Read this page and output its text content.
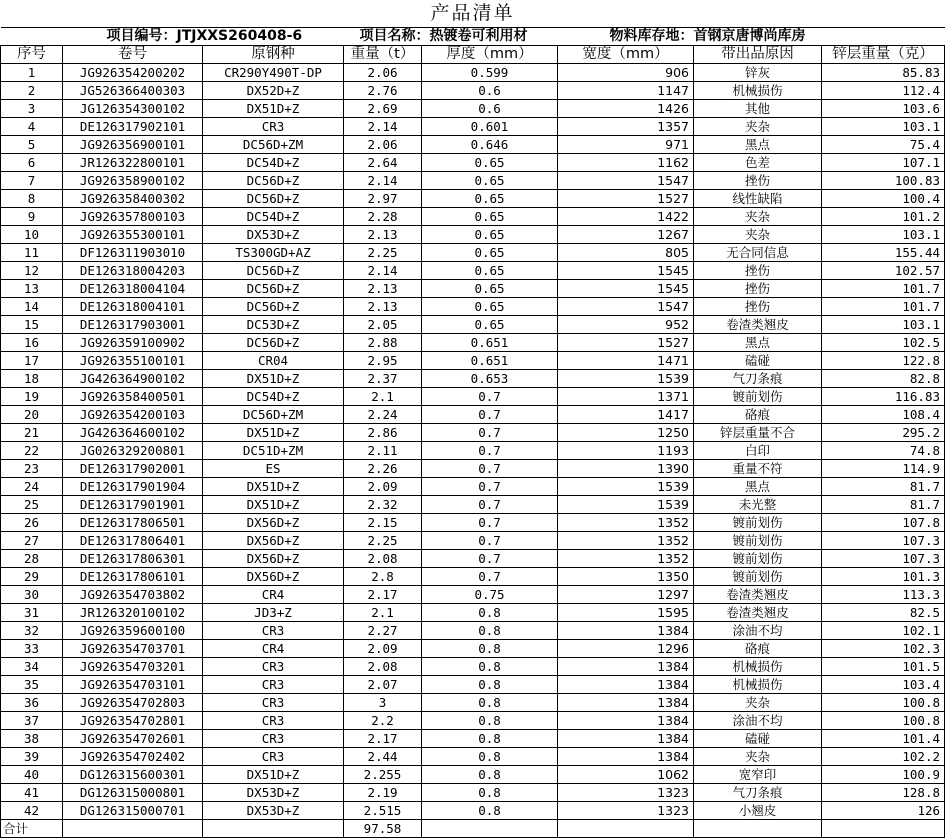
产品清单							

项目编号：JTJXXS260408-6 项目名称：热镀卷可利用材 物料库存地：首钢京唐博尚库房							

序号	卷号	原钢种	重量（t）	厚度（mm）	宽度（mm）	带出品原因	锌层重量（克）
1	JG926354200202	CR290Y490T-DP	2.06	0.599	906	锌灰	85.83
2	JG526366400303	DX52D+Z	2.76	0.6	1147	机械损伤	112.4
3	JG126354300102	DX51D+Z	2.69	0.6	1426	其他	103.6
4	DE126317902101	CR3	2.14	0.601	1357	夹杂	103.1
5	JG926356900101	DC56D+ZM	2.06	0.646	971	黑点	75.4
6	JR126322800101	DC54D+Z	2.64	0.65	1162	色差	107.1
7	JG926358900102	DC56D+Z	2.14	0.65	1547	挫伤	100.83
8	JG926358400302	DC56D+Z	2.97	0.65	1527	线性缺陷	100.4
9	JG926357800103	DC54D+Z	2.28	0.65	1422	夹杂	101.2
10	JG926355300101	DX53D+Z	2.13	0.65	1267	夹杂	103.1
11	DF126311903010	TS300GD+AZ	2.25	0.65	805	无合同信息	155.44
12	DE126318004203	DC56D+Z	2.14	0.65	1545	挫伤	102.57
13	DE126318004104	DC56D+Z	2.13	0.65	1545	挫伤	101.7
14	DE126318004101	DC56D+Z	2.13	0.65	1547	挫伤	101.7
15	DE126317903001	DC53D+Z	2.05	0.65	952	卷渣类翘皮	103.1
16	JG926359100902	DC56D+Z	2.88	0.651	1527	黑点	102.5
17	JG926355100101	CR04	2.95	0.651	1471	磕碰	122.8
18	JG426364900102	DX51D+Z	2.37	0.653	1539	气刀条痕	82.8
19	JG926358400501	DC54D+Z	2.1	0.7	1371	镀前划伤	116.83
20	JG926354200103	DC56D+ZM	2.24	0.7	1417	硌痕	108.4
21	JG426364600102	DX51D+Z	2.86	0.7	1250	锌层重量不合	295.2
22	JG026329200801	DC51D+ZM	2.11	0.7	1193	白印	74.8
23	DE126317902001	ES	2.26	0.7	1390	重量不符	114.9
24	DE126317901904	DX51D+Z	2.09	0.7	1539	黑点	81.7
25	DE126317901901	DX51D+Z	2.32	0.7	1539	未光整	81.7
26	DE126317806501	DX56D+Z	2.15	0.7	1352	镀前划伤	107.8
27	DE126317806401	DX56D+Z	2.25	0.7	1352	镀前划伤	107.3
28	DE126317806301	DX56D+Z	2.08	0.7	1352	镀前划伤	107.3
29	DE126317806101	DX56D+Z	2.8	0.7	1350	镀前划伤	101.3
30	JG926354703802	CR4	2.17	0.75	1297	卷渣类翘皮	113.3
31	JR126320100102	JD3+Z	2.1	0.8	1595	卷渣类翘皮	82.5
32	JG926359600100	CR3	2.27	0.8	1384	涂油不均	102.1
33	JG926354703701	CR4	2.09	0.8	1296	硌痕	102.3
34	JG926354703201	CR3	2.08	0.8	1384	机械损伤	101.5
35	JG926354703101	CR3	2.07	0.8	1384	机械损伤	103.4
36	JG926354702803	CR3	3	0.8	1384	夹杂	100.8
37	JG926354702801	CR3	2.2	0.8	1384	涂油不均	100.8
38	JG926354702601	CR3	2.17	0.8	1384	磕碰	101.4
39	JG926354702402	CR3	2.44	0.8	1384	夹杂	102.2
40	DG126315600301	DX51D+Z	2.255	0.8	1062	宽窄印	100.9
41	DG126315000801	DX53D+Z	2.19	0.8	1323	气刀条痕	128.8
42	DG126315000701	DX53D+Z	2.515	0.8	1323	小翘皮	126
合计			97.58				
